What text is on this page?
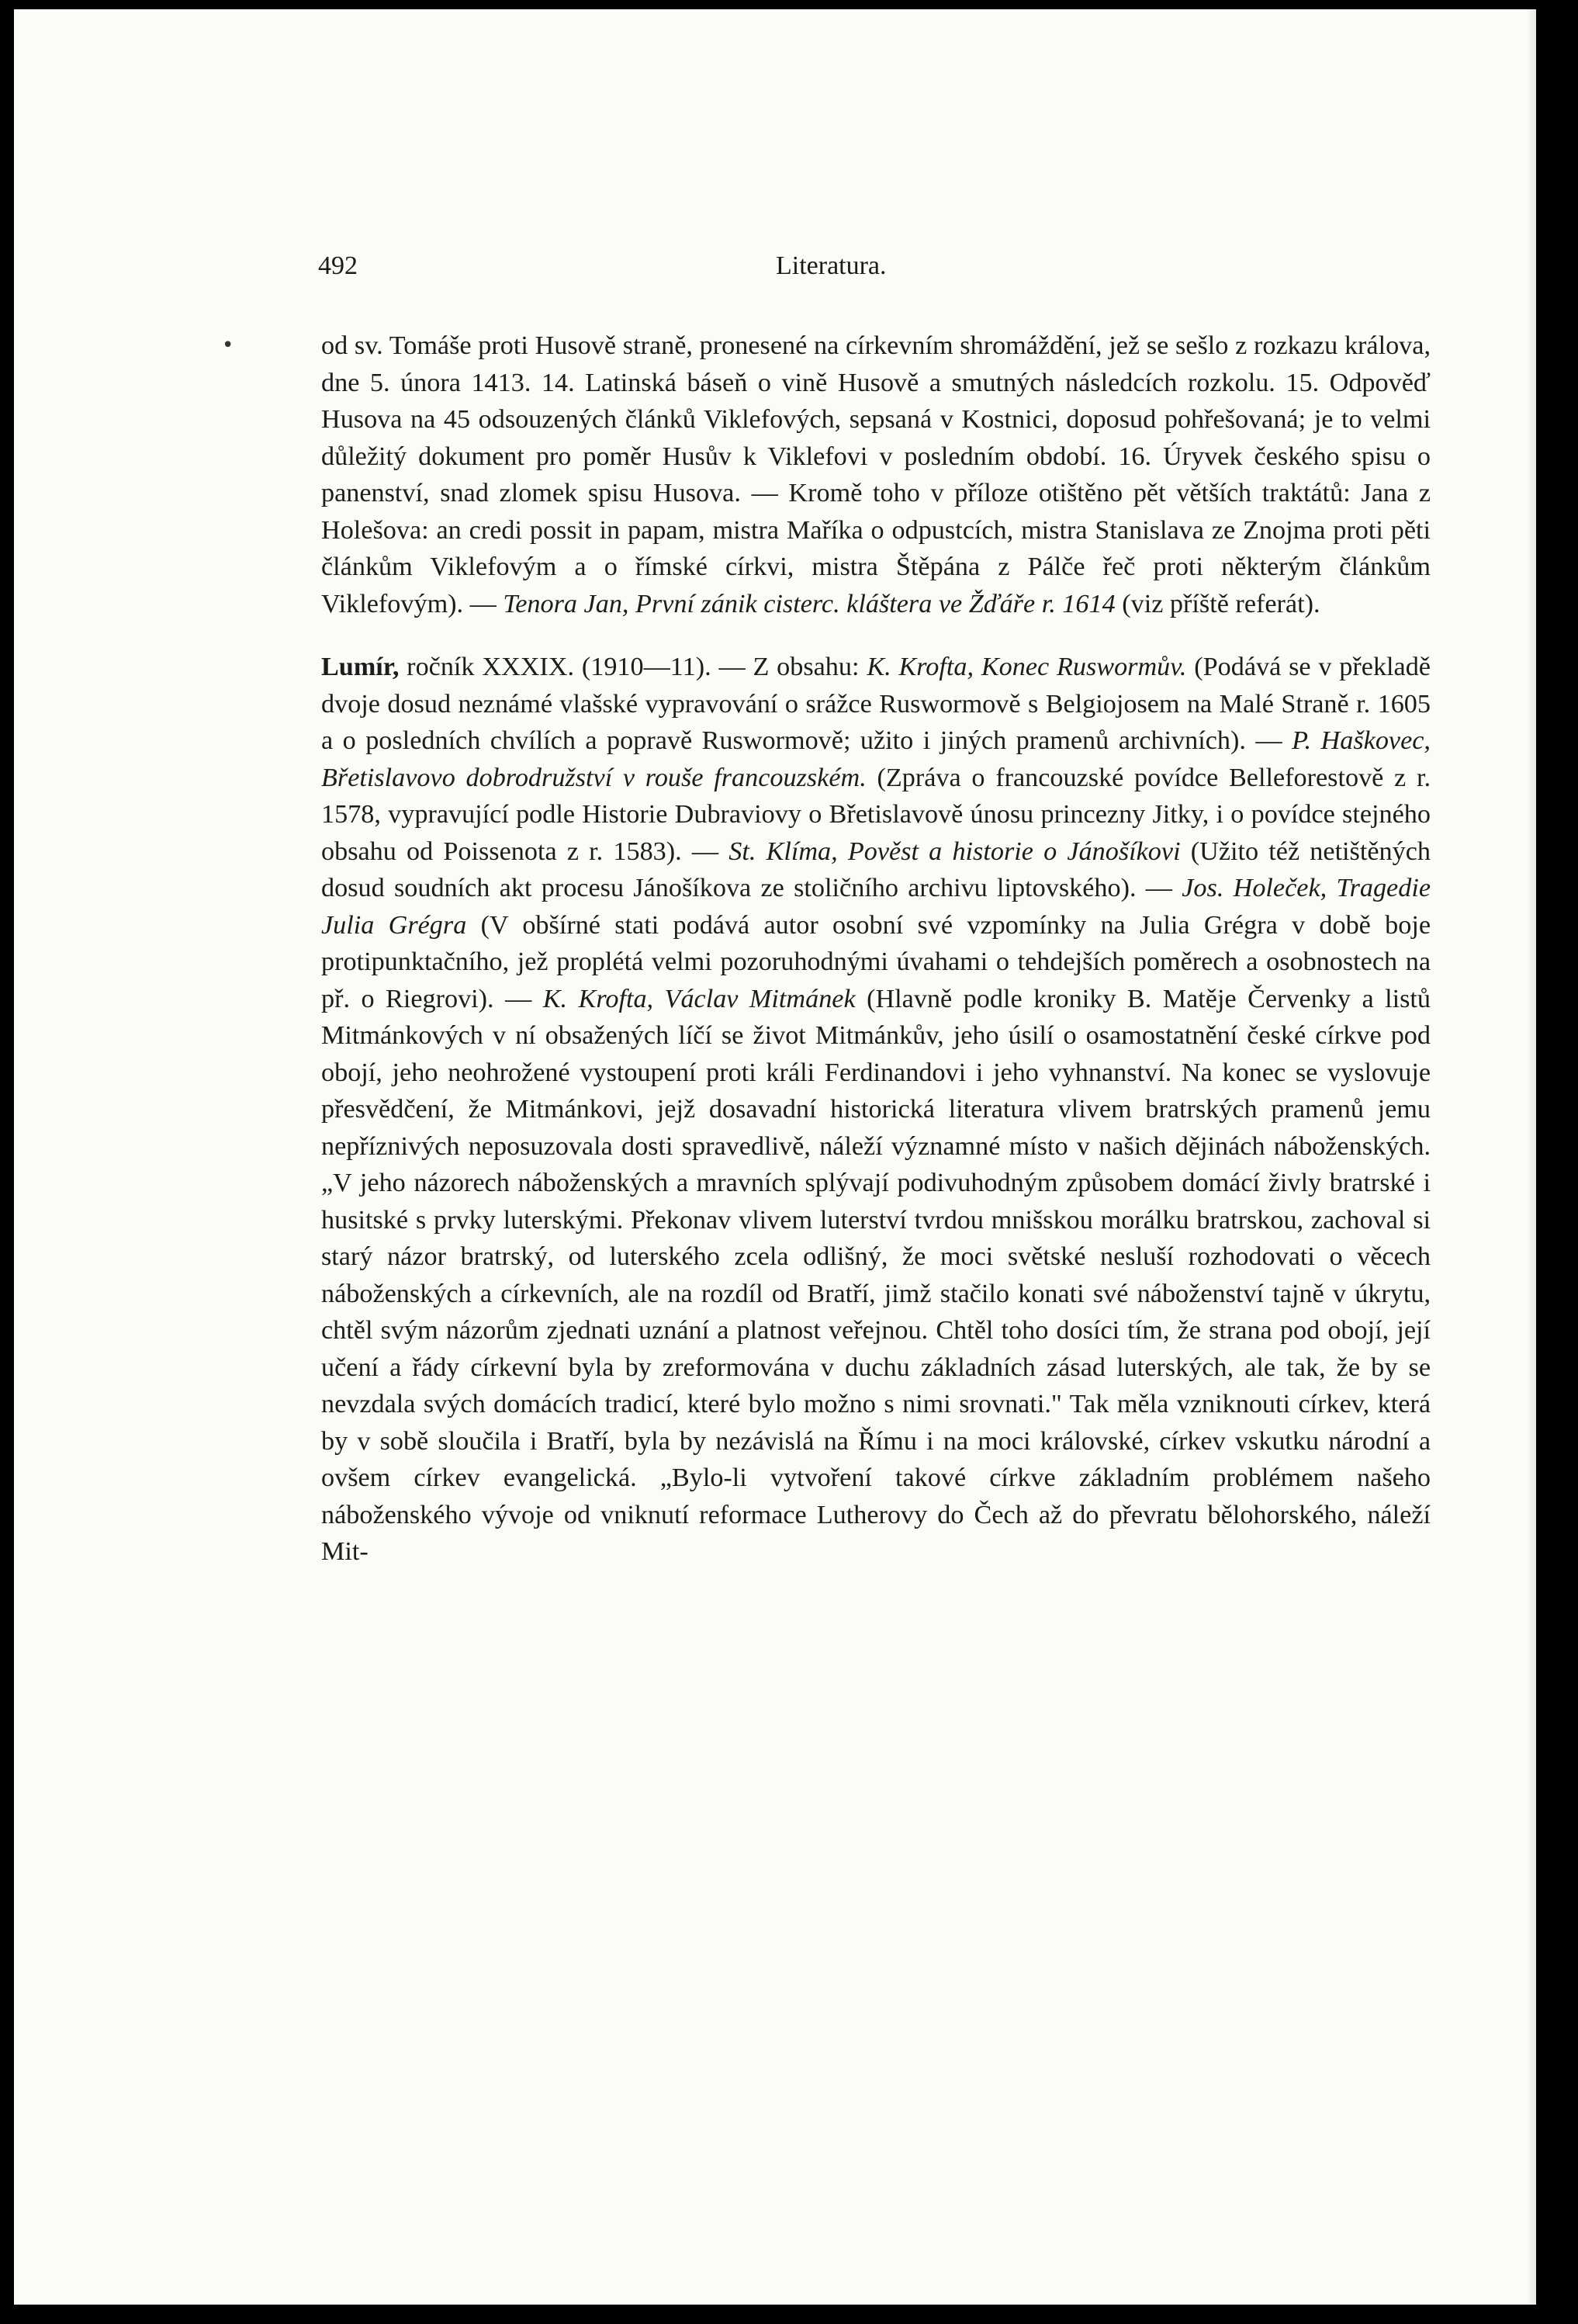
492	Literatura.
•	od sv. Tomáše proti Husově straně, pronesené na církevním shromáždění, jež se sešlo z rozkazu králova, dne 5. února 1413. 14. Latinská báseň o vině Husově a smutných následcích rozkolu. 15. Odpověď Husova na 45 odsouzených článků Viklefových, sepsaná v Kostnici, doposud pohřešovaná; je to velmi důležitý dokument pro poměr Husův k Viklefovi v posledním období. 16. Úryvek českého spisu o panenství, snad zlomek spisu Husova. — Kromě toho v příloze otištěno pět větších traktátů: Jana z Holešova: an credi possit in papam, mistra Maříka o odpustcích, mistra Stanislava ze Znojma proti pěti článkům Viklefovým a o římské církvi, mistra Štěpána z Pálče řeč proti některým článkům Viklefovým). — Tenora Jan, První zánik cisterc. kláštera ve Žďáře r. 1614 (viz příště referát).

Lumír, ročník XXXIX. (1910—11). — Z obsahu: K. Krofta, Konec Ruswormův. (Podává se v překladě dvoje dosud neznámé vlašské vypravování o srážce Ruswormově s Belgiojosem na Malé Straně r. 1605 a o posledních chvílích a popravě Ruswormově; užito i jiných pramenů archivních). — P. Haškovec, Břetislavovo dobrodružství v rouše francouzském. (Zpráva o francouzské povídce Belleforestově z r. 1578, vypravující podle Historie Dubraviovy o Břetislavově únosu princezny Jitky, i o povídce stejného obsahu od Poissenota z r. 1583). — St. Klíma, Pověst a historie o Jánošíkovi (Užito též netištěných dosud soudních akt procesu Jánošíkova ze stoličního archivu liptovského). — Jos. Holeček, Tragedie Julia Grégra (V obšírné stati podává autor osobní své vzpomínky na Julia Grégra v době boje protipunktačního, jež proplétá velmi pozoruhodnými úvahami o tehdejších poměrech a osobnostech na př. o Riegrovi). — K. Krofta, Václav Mitmánek (Hlavně podle kroniky B. Matěje Červenky a listů Mitmánkových v ní obsažených líčí se život Mitmánkův, jeho úsilí o osamostatnění české církve pod obojí, jeho neohrožené vystoupení proti králi Ferdinandovi i jeho vyhnanství. Na konec se vyslovuje přesvědčení, že Mitmánkovi, jejž dosavadní historická literatura vlivem bratrských pramenů jemu nepříznivých neposuzovala dosti spravedlivě, náleží významné místo v našich dějinách náboženských. „V jeho názorech náboženských a mravních splývají podivuhodným způsobem domácí živly bratrské i husitské s prvky luterskými. Překonav vlivem luterství tvrdou mnišskou morálku bratrskou, zachoval si starý názor bratrský, od luterského zcela odlišný, že moci světské nesluší rozhodovati o věcech náboženských a církevních, ale na rozdíl od Bratří, jimž stačilo konati své náboženství tajně v úkrytu, chtěl svým názorům zjednati uznání a platnost veřejnou. Chtěl toho dosíci tím, že strana pod obojí, její učení a řády církevní byla by zreformována v duchu základních zásad luterských, ale tak, že by se nevzdala svých domácích tradicí, které bylo možno s nimi srovnati." Tak měla vzniknouti církev, která by v sobě sloučila i Bratří, byla by nezávislá na Římu i na moci královské, církev vskutku národní a ovšem církev evangelická. „Bylo-li vytvoření takové církve základním problémem našeho náboženského vývoje od vniknutí reformace Lutherovy do Čech až do převratu bělohorského, náleží Mit-
